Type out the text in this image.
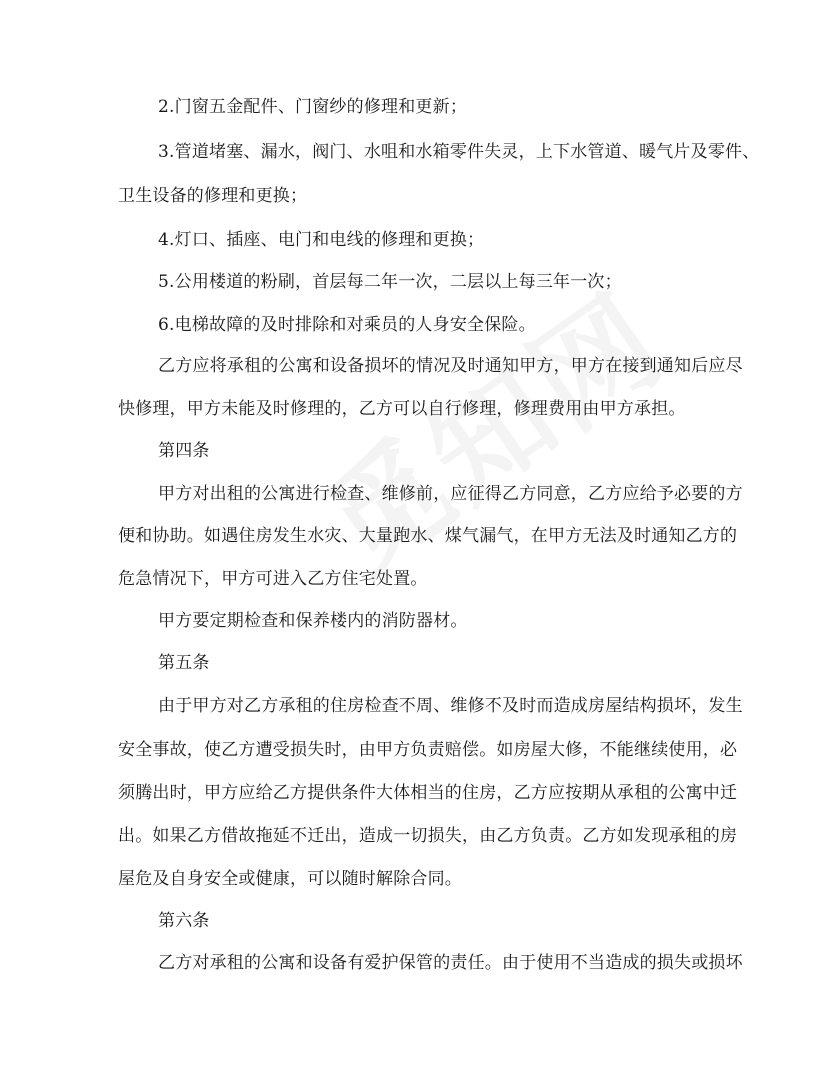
2.门窗五金配件、门窗纱的修理和更新；
3.管道堵塞、漏水，阀门、水咀和水箱零件失灵，上下水管道、暖气片及零件、
卫生设备的修理和更换；
4.灯口、插座、电门和电线的修理和更换；
5.公用楼道的粉刷，首层每二年一次，二层以上每三年一次；
6.电梯故障的及时排除和对乘员的人身安全保险。
乙方应将承租的公寓和设备损坏的情况及时通知甲方，甲方在接到通知后应尽
快修理，甲方未能及时修理的，乙方可以自行修理，修理费用由甲方承担。
第四条
甲方对出租的公寓进行检查、维修前，应征得乙方同意，乙方应给予必要的方
便和协助。如遇住房发生水灾、大量跑水、煤气漏气，在甲方无法及时通知乙方的
危急情况下，甲方可进入乙方住宅处置。
甲方要定期检查和保养楼内的消防器材。
第五条
由于甲方对乙方承租的住房检查不周、维修不及时而造成房屋结构损坏，发生
安全事故，使乙方遭受损失时，由甲方负责赔偿。如房屋大修，不能继续使用，必
须腾出时，甲方应给乙方提供条件大体相当的住房，乙方应按期从承租的公寓中迁
出。如果乙方借故拖延不迁出，造成一切损失，由乙方负责。乙方如发现承租的房
屋危及自身安全或健康，可以随时解除合同。
第六条
乙方对承租的公寓和设备有爱护保管的责任。由于使用不当造成的损失或损坏
